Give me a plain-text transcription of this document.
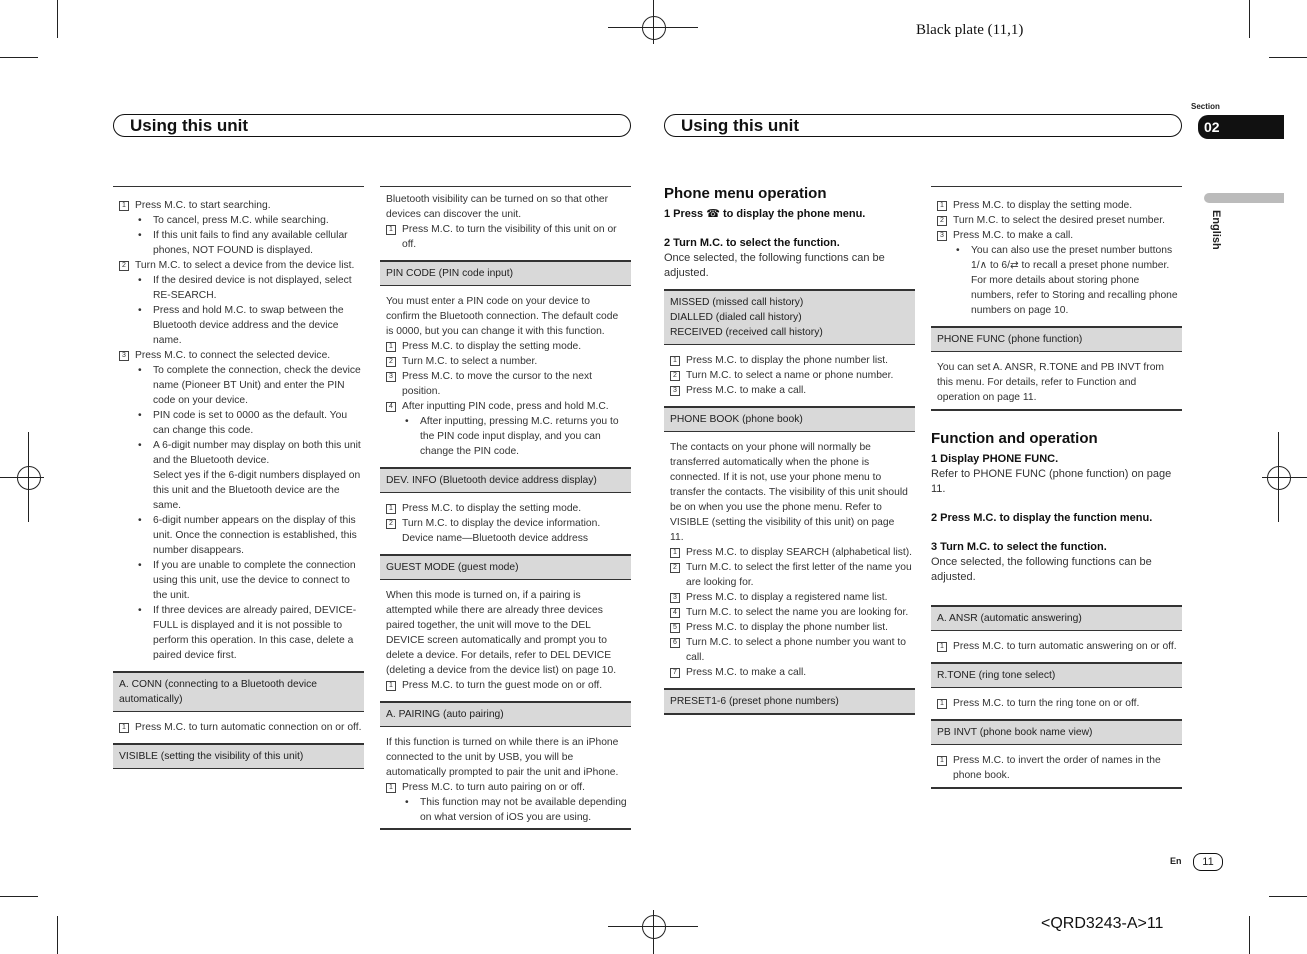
Black plate (11,1)
<QRD3243-A>11
Using this unit	Using this unit
Section
02
English
1 Press M.C. to start searching.
• To cancel, press M.C. while searching.
• If this unit fails to find any available cellular phones, NOT FOUND is displayed.
2 Turn M.C. to select a device from the device list.
• If the desired device is not displayed, select RE-SEARCH.
• Press and hold M.C. to swap between the Bluetooth device address and the device name.
3 Press M.C. to connect the selected device.
• To complete the connection, check the device name (Pioneer BT Unit) and enter the PIN code on your device.
• PIN code is set to 0000 as the default. You can change this code.
• A 6-digit number may display on both this unit and the Bluetooth device.
Select yes if the 6-digit numbers displayed on this unit and the Bluetooth device are the same.
• 6-digit number appears on the display of this unit. Once the connection is established, this number disappears.
• If you are unable to complete the connection using this unit, use the device to connect to the unit.
• If three devices are already paired, DEVICE-FULL is displayed and it is not possible to perform this operation. In this case, delete a paired device first.
A. CONN (connecting to a Bluetooth device automatically)
1 Press M.C. to turn automatic connection on or off.
VISIBLE (setting the visibility of this unit)
Bluetooth visibility can be turned on so that other devices can discover the unit.
1 Press M.C. to turn the visibility of this unit on or off.
PIN CODE (PIN code input)
You must enter a PIN code on your device to confirm the Bluetooth connection. The default code is 0000, but you can change it with this function.
1 Press M.C. to display the setting mode.
2 Turn M.C. to select a number.
3 Press M.C. to move the cursor to the next position.
4 After inputting PIN code, press and hold M.C.
• After inputting, pressing M.C. returns you to the PIN code input display, and you can change the PIN code.
DEV. INFO (Bluetooth device address display)
1 Press M.C. to display the setting mode.
2 Turn M.C. to display the device information. Device name—Bluetooth device address
GUEST MODE (guest mode)
When this mode is turned on, if a pairing is attempted while there are already three devices paired together, the unit will move to the DEL DEVICE screen automatically and prompt you to delete a device. For details, refer to DEL DEVICE (deleting a device from the device list) on page 10.
1 Press M.C. to turn the guest mode on or off.
A. PAIRING (auto pairing)
If this function is turned on while there is an iPhone connected to the unit by USB, you will be automatically prompted to pair the unit and iPhone.
1 Press M.C. to turn auto pairing on or off.
• This function may not be available depending on what version of iOS you are using.
Phone menu operation
1 Press ☎ to display the phone menu.
2 Turn M.C. to select the function.
Once selected, the following functions can be adjusted.
MISSED (missed call history)
DIALLED (dialed call history)
RECEIVED (received call history)
1 Press M.C. to display the phone number list.
2 Turn M.C. to select a name or phone number.
3 Press M.C. to make a call.
PHONE BOOK (phone book)
The contacts on your phone will normally be transferred automatically when the phone is connected. If it is not, use your phone menu to transfer the contacts. The visibility of this unit should be on when you use the phone menu. Refer to VISIBLE (setting the visibility of this unit) on page 11.
1 Press M.C. to display SEARCH (alphabetical list).
2 Turn M.C. to select the first letter of the name you are looking for.
3 Press M.C. to display a registered name list.
4 Turn M.C. to select the name you are looking for.
5 Press M.C. to display the phone number list.
6 Turn M.C. to select a phone number you want to call.
7 Press M.C. to make a call.
PRESET1-6 (preset phone numbers)
1 Press M.C. to display the setting mode.
2 Turn M.C. to select the desired preset number.
3 Press M.C. to make a call.
• You can also use the preset number buttons 1/∧ to 6/⇄ to recall a preset phone number. For more details about storing phone numbers, refer to Storing and recalling phone numbers on page 10.
PHONE FUNC (phone function)
You can set A. ANSR, R.TONE and PB INVT from this menu. For details, refer to Function and operation on page 11.
Function and operation
1 Display PHONE FUNC.
Refer to PHONE FUNC (phone function) on page 11.
2 Press M.C. to display the function menu.
3 Turn M.C. to select the function.
Once selected, the following functions can be adjusted.
A. ANSR (automatic answering)
1 Press M.C. to turn automatic answering on or off.
R.TONE (ring tone select)
1 Press M.C. to turn the ring tone on or off.
PB INVT (phone book name view)
1 Press M.C. to invert the order of names in the phone book.
En	11
